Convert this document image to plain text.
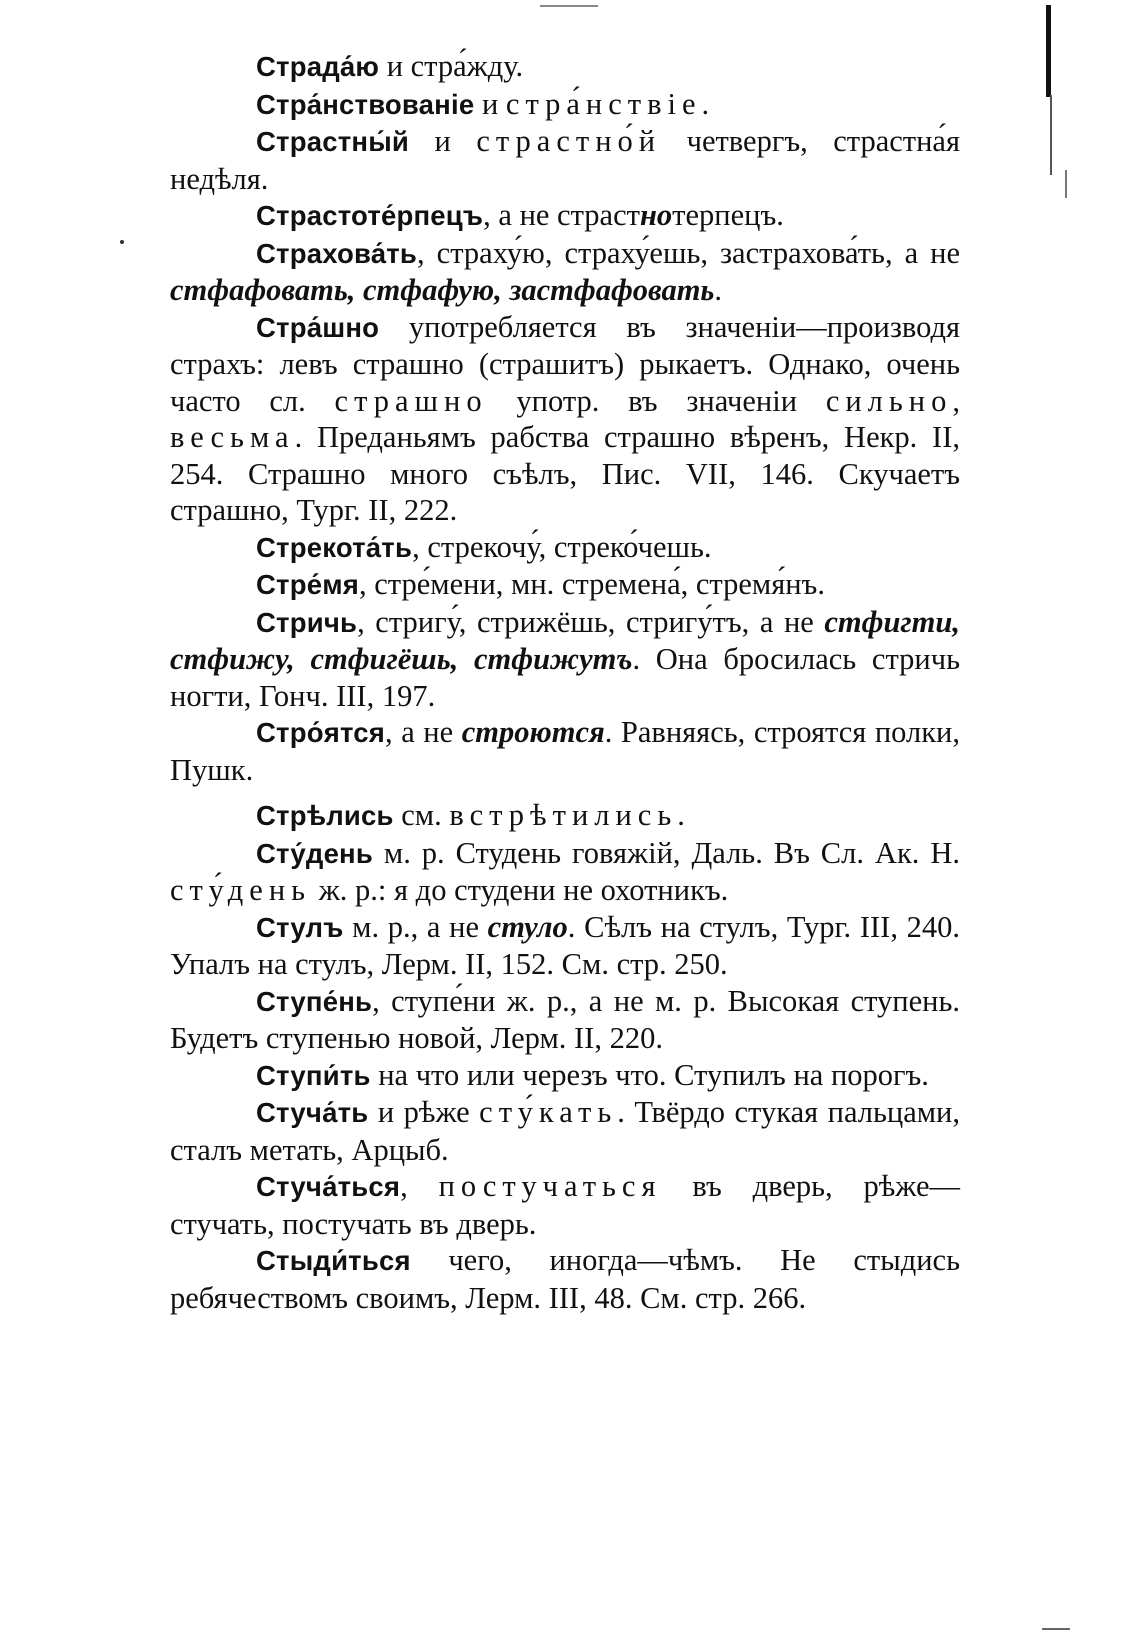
Страда́ю и стра́жду.

Стра́нствованіе и стра́нствіе.

Страстны́й и страстно́й четвергъ, страстна́я недѣля.

Страстоте́рпецъ, а не страстнотерпецъ.

Страхова́ть, страху́ю, страху́ешь, застрахова́ть, а не стфафовать, стфафую, застфафовать.

Стра́шно употребляется въ значеніи—производя страхъ: левъ страшно (страшитъ) рыкаетъ. Однако, очень часто сл. страшно употр. въ значеніи сильно, весьма. Преданьямъ рабства страшно вѣренъ, Некр. II, 254. Страшно много съѣлъ, Пис. VII, 146. Скучаетъ страшно, Тург. II, 222.

Стрекота́ть, стрекочу́, стреко́чешь.

Стре́мя, стре́мени, мн. стремена́, стремя́нъ.

Стричь, стригу́, стрижёшь, стригу́тъ, а не стфигти, стфижу, стфигёшь, стфижутъ. Она бросилась стричь ногти, Гонч. III, 197.

Стро́ятся, а не строются. Равняясь, строятся полки, Пушк.

Стрѣлись см. встрѣтились.

Сту́день м. р. Студень говяжій, Даль. Въ Сл. Ак. Н. сту́день ж. р.: я до студени не охотникъ.

Стулъ м. р., а не стуло. Сѣлъ на стулъ, Тург. III, 240. Упалъ на стулъ, Лерм. II, 152. См. стр. 250.

Ступе́нь, ступе́ни ж. р., а не м. р. Высокая ступень. Будетъ ступенью новой, Лерм. II, 220.

Ступи́ть на что или черезъ что. Ступилъ на порогъ.

Стуча́ть и рѣже сту́кать. Твёрдо стукая пальцами, сталъ метать, Арцыб.

Стуча́ться, постучаться въ дверь, рѣже—стучать, постучать въ дверь.

Стыди́ться чего, иногда—чѣмъ. Не стыдись ребячествомъ своимъ, Лерм. III, 48. См. стр. 266.
